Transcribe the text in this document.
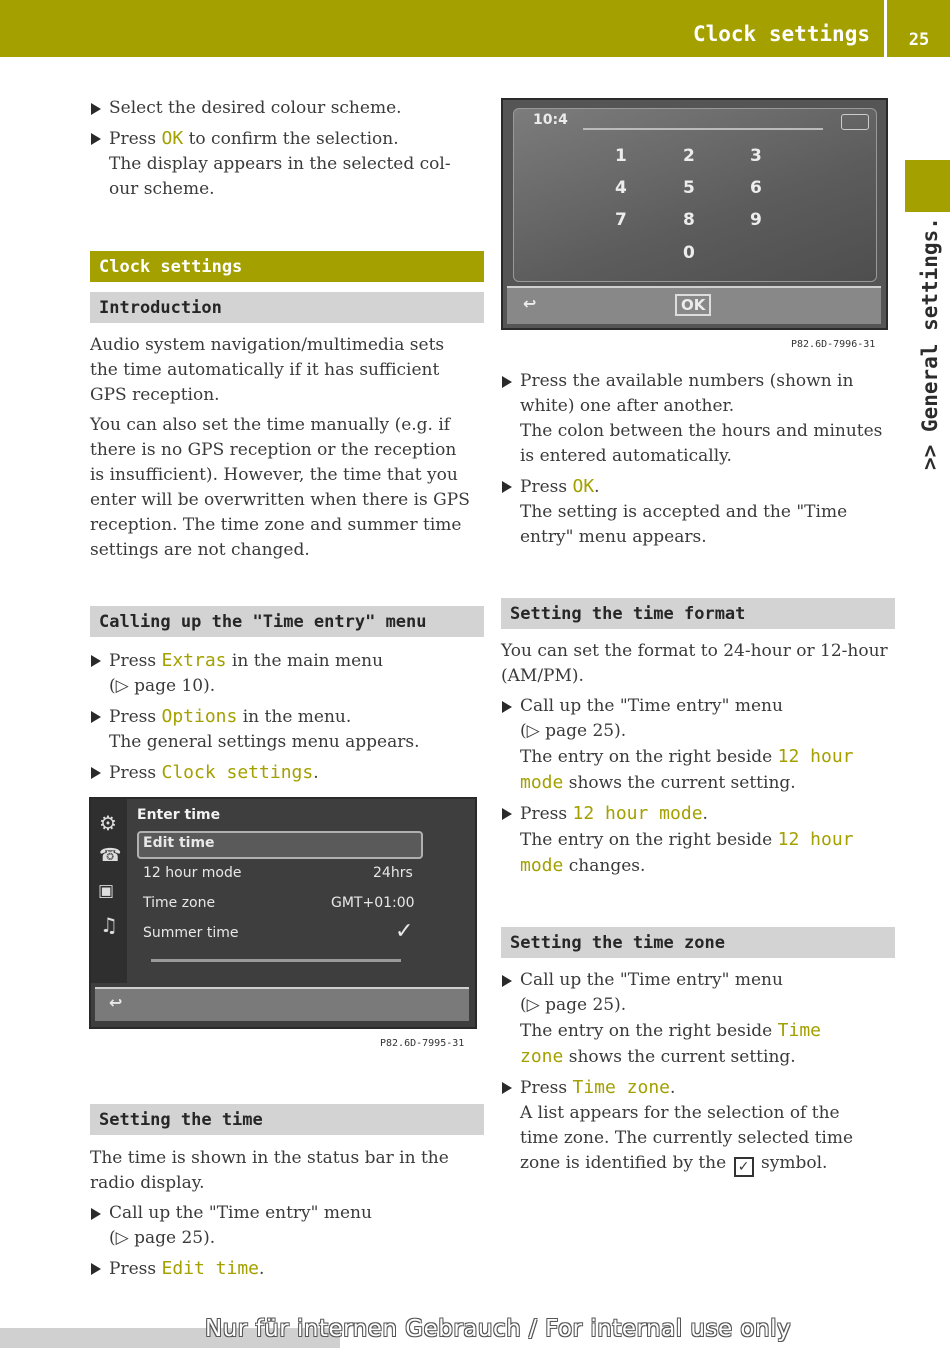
Clock settings	25
>> General settings.
Select the desired colour scheme.
Press OK to confirm the selection.
The display appears in the selected col-
our scheme.
Clock settings
Introduction

Audio system navigation/multimedia sets
the time automatically if it has sufficient
GPS reception.

You can also set the time manually (e.g. if
there is no GPS reception or the reception
is insufficient). However, the time that you
enter will be overwritten when there is GPS
reception. The time zone and summer time
settings are not changed.

Calling up the "Time entry" menu
Press Extras in the main menu
(▷ page 10).
Press Options in the menu.
The general settings menu appears.
Press Clock settings.
⚙
☎
▣
♫
Enter time
Edit time
12 hour mode	24hrs
Time zone	GMT+01:00
Summer time	✓
↩
P82.6D-7995-31
Setting the time

The time is shown in the status bar in the
radio display.

Call up the "Time entry" menu
(▷ page 25).
Press Edit time.
10:4
1	2	3
4	5	6
7	8	9
0
↩	OK
P82.6D-7996-31
Press the available numbers (shown in
white) one after another.
The colon between the hours and minutes
is entered automatically.
Press OK.
The setting is accepted and the "Time
entry" menu appears.
Setting the time format

You can set the format to 24-hour or 12-hour
(AM/PM).

Call up the "Time entry" menu
(▷ page 25).
The entry on the right beside 12 hour
mode shows the current setting.
Press 12 hour mode.
The entry on the right beside 12 hour
mode changes.
Setting the time zone
Call up the "Time entry" menu
(▷ page 25).
The entry on the right beside Time
zone shows the current setting.
Press Time zone.
A list appears for the selection of the
time zone. The currently selected time
zone is identified by the ✓ symbol.
Nur für internen Gebrauch / For internal use only
